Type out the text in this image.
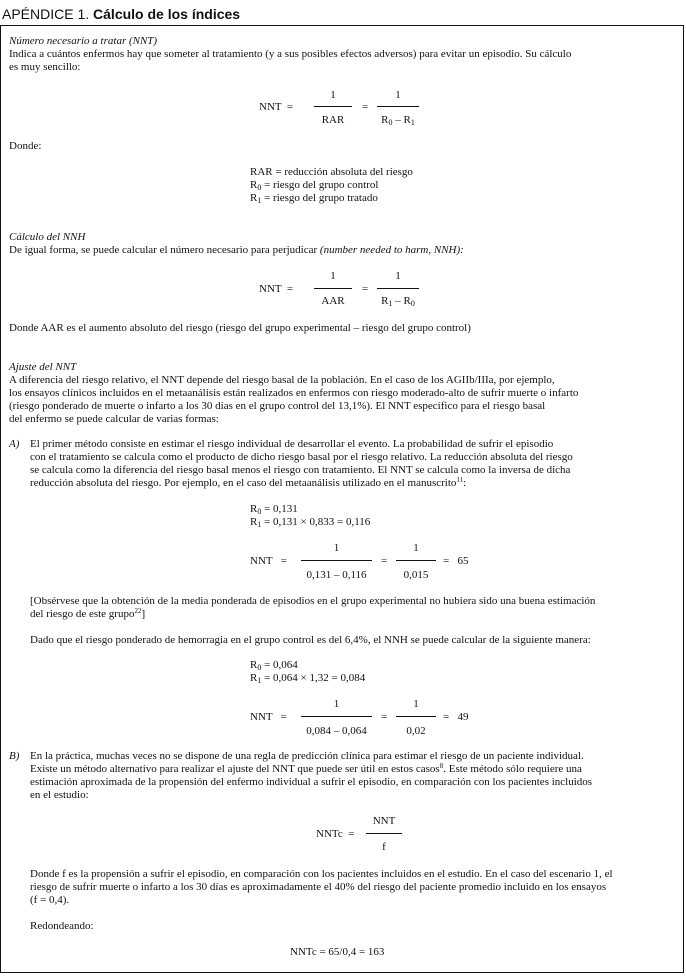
APÉNDICE 1. Cálculo de los índices
Número necesario a tratar (NNT)
Indica a cuántos enfermos hay que someter al tratamiento (y a sus posibles efectos adversos) para evitar un episodio. Su cálculo
es muy sencillo:
NNT  =
1
RAR
=
1
$R_0 - R_1$
Donde:
RAR = reducción absoluta del riesgo
$R_0$ = riesgo del grupo control
$R_1$ = riesgo del grupo tratado
Cálculo del NNH
De igual forma, se puede calcular el número necesario para perjudicar (number needed to harm, NNH):
NNT  =
1
AAR
=
1
$R_1 - R_0$
Donde AAR es el aumento absoluto del riesgo (riesgo del grupo experimental – riesgo del grupo control)
Ajuste del NNT
A diferencia del riesgo relativo, el NNT depende del riesgo basal de la población. En el caso de los AGIIb/IIIa, por ejemplo,
los ensayos clínicos incluidos en el metaanálisis están realizados en enfermos con riesgo moderado-alto de sufrir muerte o infarto
(riesgo ponderado de muerte o infarto a los 30 días en el grupo control del 13,1%). El NNT específico para el riesgo basal
del enfermo se puede calcular de varias formas:
A) El primer método consiste en estimar el riesgo individual de desarrollar el evento. La probabilidad de sufrir el episodio
con el tratamiento se calcula como el producto de dicho riesgo basal por el riesgo relativo. La reducción absoluta del riesgo
se calcula como la diferencia del riesgo basal menos el riesgo con tratamiento. El NNT se calcula como la inversa de dicha
reducción absoluta del riesgo. Por ejemplo, en el caso del metaanálisis utilizado en el manuscrito$^{11}$:
$R_0 = 0,131$
$R_1 = 0,131 \times 0,833 = 0,116$
NNT   =
1
0,131 – 0,116
=
1
0,015
=   65
[Obsérvese que la obtención de la media ponderada de episodios en el grupo experimental no hubiera sido una buena estimación
del riesgo de este grupo$^{22}$]
Dado que el riesgo ponderado de hemorragia en el grupo control es del 6,4%, el NNH se puede calcular de la siguiente manera:
$R_0 = 0,064$
$R_1 = 0,064 \times 1,32 = 0,084$
NNT   =
1
0,084 – 0,064
=
1
0,02
=   49
B) En la práctica, muchas veces no se dispone de una regla de predicción clínica para estimar el riesgo de un paciente individual.
Existe un método alternativo para realizar el ajuste del NNT que puede ser útil en estos casos$^8$. Este método sólo requiere una
estimación aproximada de la propensión del enfermo individual a sufrir el episodio, en comparación con los pacientes incluidos
en el estudio:
NNTc  =
NNT
f
Donde f es la propensión a sufrir el episodio, en comparación con los pacientes incluidos en el estudio. En el caso del escenario 1, el
riesgo de sufrir muerte o infarto a los 30 días es aproximadamente el 40% del riesgo del paciente promedio incluido en los ensayos
(f = 0,4).
Redondeando:
NNTc = 65/0,4 = 163
